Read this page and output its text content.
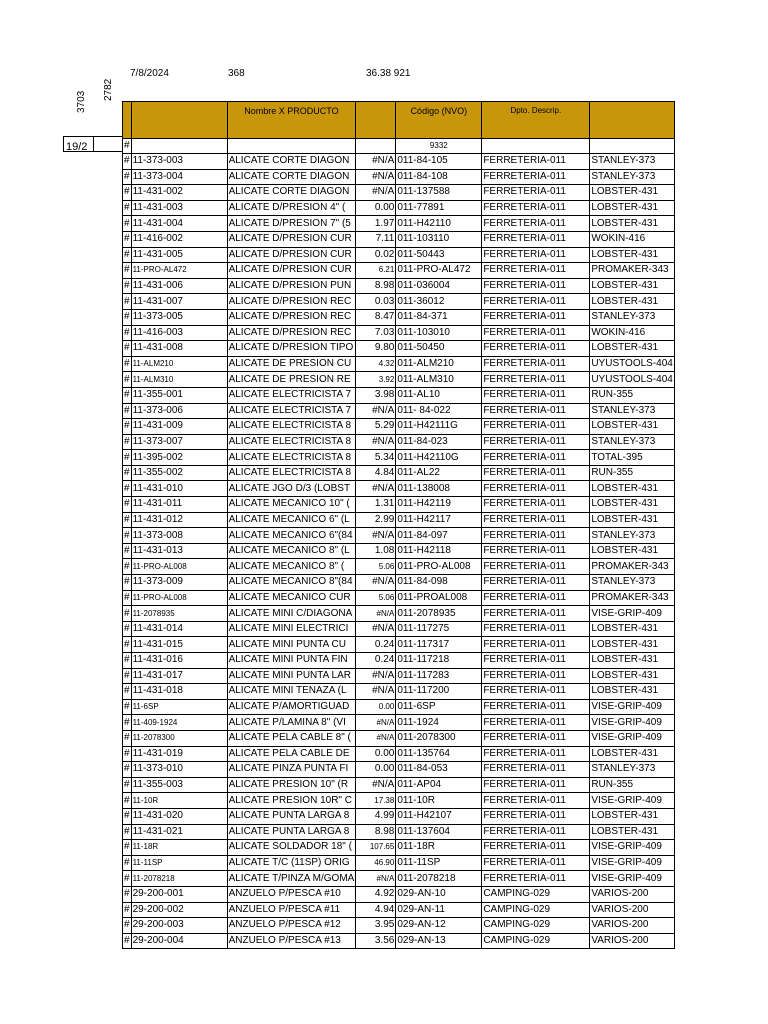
7/8/2024	368	36.38 921
3703
2782
19/2
		Nombre X PRODUCTO		Código (NVO)	Dpto. Descrip.	
#				9332		
#	11-373-003	ALICATE CORTE DIAGON	#N/A	011-84-105	FERRETERIA-011	STANLEY-373
#	11-373-004	ALICATE CORTE DIAGON	#N/A	011-84-108	FERRETERIA-011	STANLEY-373
#	11-431-002	ALICATE CORTE DIAGON	#N/A	011-137588	FERRETERIA-011	LOBSTER-431
#	11-431-003	ALICATE D/PRESION 4" (	0.00	011-77891	FERRETERIA-011	LOBSTER-431
#	11-431-004	ALICATE D/PRESION 7" (5	1.97	011-H42110	FERRETERIA-011	LOBSTER-431
#	11-416-002	ALICATE D/PRESION CUR	7.11	011-103110	FERRETERIA-011	WOKIN-416
#	11-431-005	ALICATE D/PRESION CUR	0.02	011-50443	FERRETERIA-011	LOBSTER-431
#	11-PRO-AL472	ALICATE D/PRESION CUR	6.21	011-PRO-AL472	FERRETERIA-011	PROMAKER-343
#	11-431-006	ALICATE D/PRESION PUN	8.98	011-036004	FERRETERIA-011	LOBSTER-431
#	11-431-007	ALICATE D/PRESION REC	0.03	011-36012	FERRETERIA-011	LOBSTER-431
#	11-373-005	ALICATE D/PRESION REC	8.47	011-84-371	FERRETERIA-011	STANLEY-373
#	11-416-003	ALICATE D/PRESION REC	7.03	011-103010	FERRETERIA-011	WOKIN-416
#	11-431-008	ALICATE D/PRESION TIPO	9.80	011-50450	FERRETERIA-011	LOBSTER-431
#	11-ALM210	ALICATE DE PRESION CU	4.32	011-ALM210	FERRETERIA-011	UYUSTOOLS-404
#	11-ALM310	ALICATE DE PRESION RE	3.92	011-ALM310	FERRETERIA-011	UYUSTOOLS-404
#	11-355-001	ALICATE ELECTRICISTA 7	3.98	011-AL10	FERRETERIA-011	RUN-355
#	11-373-006	ALICATE ELECTRICISTA 7	#N/A	011- 84-022	FERRETERIA-011	STANLEY-373
#	11-431-009	ALICATE ELECTRICISTA 8	5.29	011-H42111G	FERRETERIA-011	LOBSTER-431
#	11-373-007	ALICATE ELECTRICISTA 8	#N/A	011-84-023	FERRETERIA-011	STANLEY-373
#	11-395-002	ALICATE ELECTRICISTA 8	5.34	011-H42110G	FERRETERIA-011	TOTAL-395
#	11-355-002	ALICATE ELECTRICISTA 8	4.84	011-AL22	FERRETERIA-011	RUN-355
#	11-431-010	ALICATE JGO D/3 (LOBST	#N/A	011-138008	FERRETERIA-011	LOBSTER-431
#	11-431-011	ALICATE MECANICO 10" (	1.31	011-H42119	FERRETERIA-011	LOBSTER-431
#	11-431-012	ALICATE MECANICO 6" (L	2.99	011-H42117	FERRETERIA-011	LOBSTER-431
#	11-373-008	ALICATE MECANICO 6"(84	#N/A	011-84-097	FERRETERIA-011	STANLEY-373
#	11-431-013	ALICATE MECANICO 8" (L	1.08	011-H42118	FERRETERIA-011	LOBSTER-431
#	11-PRO-AL008	ALICATE MECANICO 8" (	5.06	011-PRO-AL008	FERRETERIA-011	PROMAKER-343
#	11-373-009	ALICATE MECANICO 8"(84	#N/A	011-84-098	FERRETERIA-011	STANLEY-373
#	11-PRO-AL008	ALICATE MECANICO CUR	5.06	011-PROAL008	FERRETERIA-011	PROMAKER-343
#	11-2078935	ALICATE MINI C/DIAGONA	#N/A	011-2078935	FERRETERIA-011	VISE-GRIP-409
#	11-431-014	ALICATE MINI ELECTRICI	#N/A	011-117275	FERRETERIA-011	LOBSTER-431
#	11-431-015	ALICATE MINI PUNTA CU	0.24	011-117317	FERRETERIA-011	LOBSTER-431
#	11-431-016	ALICATE MINI PUNTA FIN	0.24	011-117218	FERRETERIA-011	LOBSTER-431
#	11-431-017	ALICATE MINI PUNTA LAR	#N/A	011-117283	FERRETERIA-011	LOBSTER-431
#	11-431-018	ALICATE MINI TENAZA (L	#N/A	011-117200	FERRETERIA-011	LOBSTER-431
#	11-6SP	ALICATE P/AMORTIGUAD	0.00	011-6SP	FERRETERIA-011	VISE-GRIP-409
#	11-409-1924	ALICATE P/LAMINA 8" (VI	#N/A	011-1924	FERRETERIA-011	VISE-GRIP-409
#	11-2078300	ALICATE PELA CABLE 8" (	#N/A	011-2078300	FERRETERIA-011	VISE-GRIP-409
#	11-431-019	ALICATE PELA CABLE DE	0.00	011-135764	FERRETERIA-011	LOBSTER-431
#	11-373-010	ALICATE PINZA PUNTA FI	0.00	011-84-053	FERRETERIA-011	STANLEY-373
#	11-355-003	ALICATE PRESION 10" (R	#N/A	011-AP04	FERRETERIA-011	RUN-355
#	11-10R	ALICATE PRESION 10R" C	17.38	011-10R	FERRETERIA-011	VISE-GRIP-409
#	11-431-020	ALICATE PUNTA LARGA 8	4.99	011-H42107	FERRETERIA-011	LOBSTER-431
#	11-431-021	ALICATE PUNTA LARGA 8	8.98	011-137604	FERRETERIA-011	LOBSTER-431
#	11-18R	ALICATE SOLDADOR 18" (	107.65	011-18R	FERRETERIA-011	VISE-GRIP-409
#	11-11SP	ALICATE T/C (11SP) ORIG	46.90	011-11SP	FERRETERIA-011	VISE-GRIP-409
#	11-2078218	ALICATE T/PINZA M/GOMA	#N/A	011-2078218	FERRETERIA-011	VISE-GRIP-409
#	29-200-001	ANZUELO P/PESCA #10	4.92	029-AN-10	CAMPING-029	VARIOS-200
#	29-200-002	ANZUELO P/PESCA #11	4.94	029-AN-11	CAMPING-029	VARIOS-200
#	29-200-003	ANZUELO P/PESCA #12	3.95	029-AN-12	CAMPING-029	VARIOS-200
#	29-200-004	ANZUELO P/PESCA #13	3.56	029-AN-13	CAMPING-029	VARIOS-200
